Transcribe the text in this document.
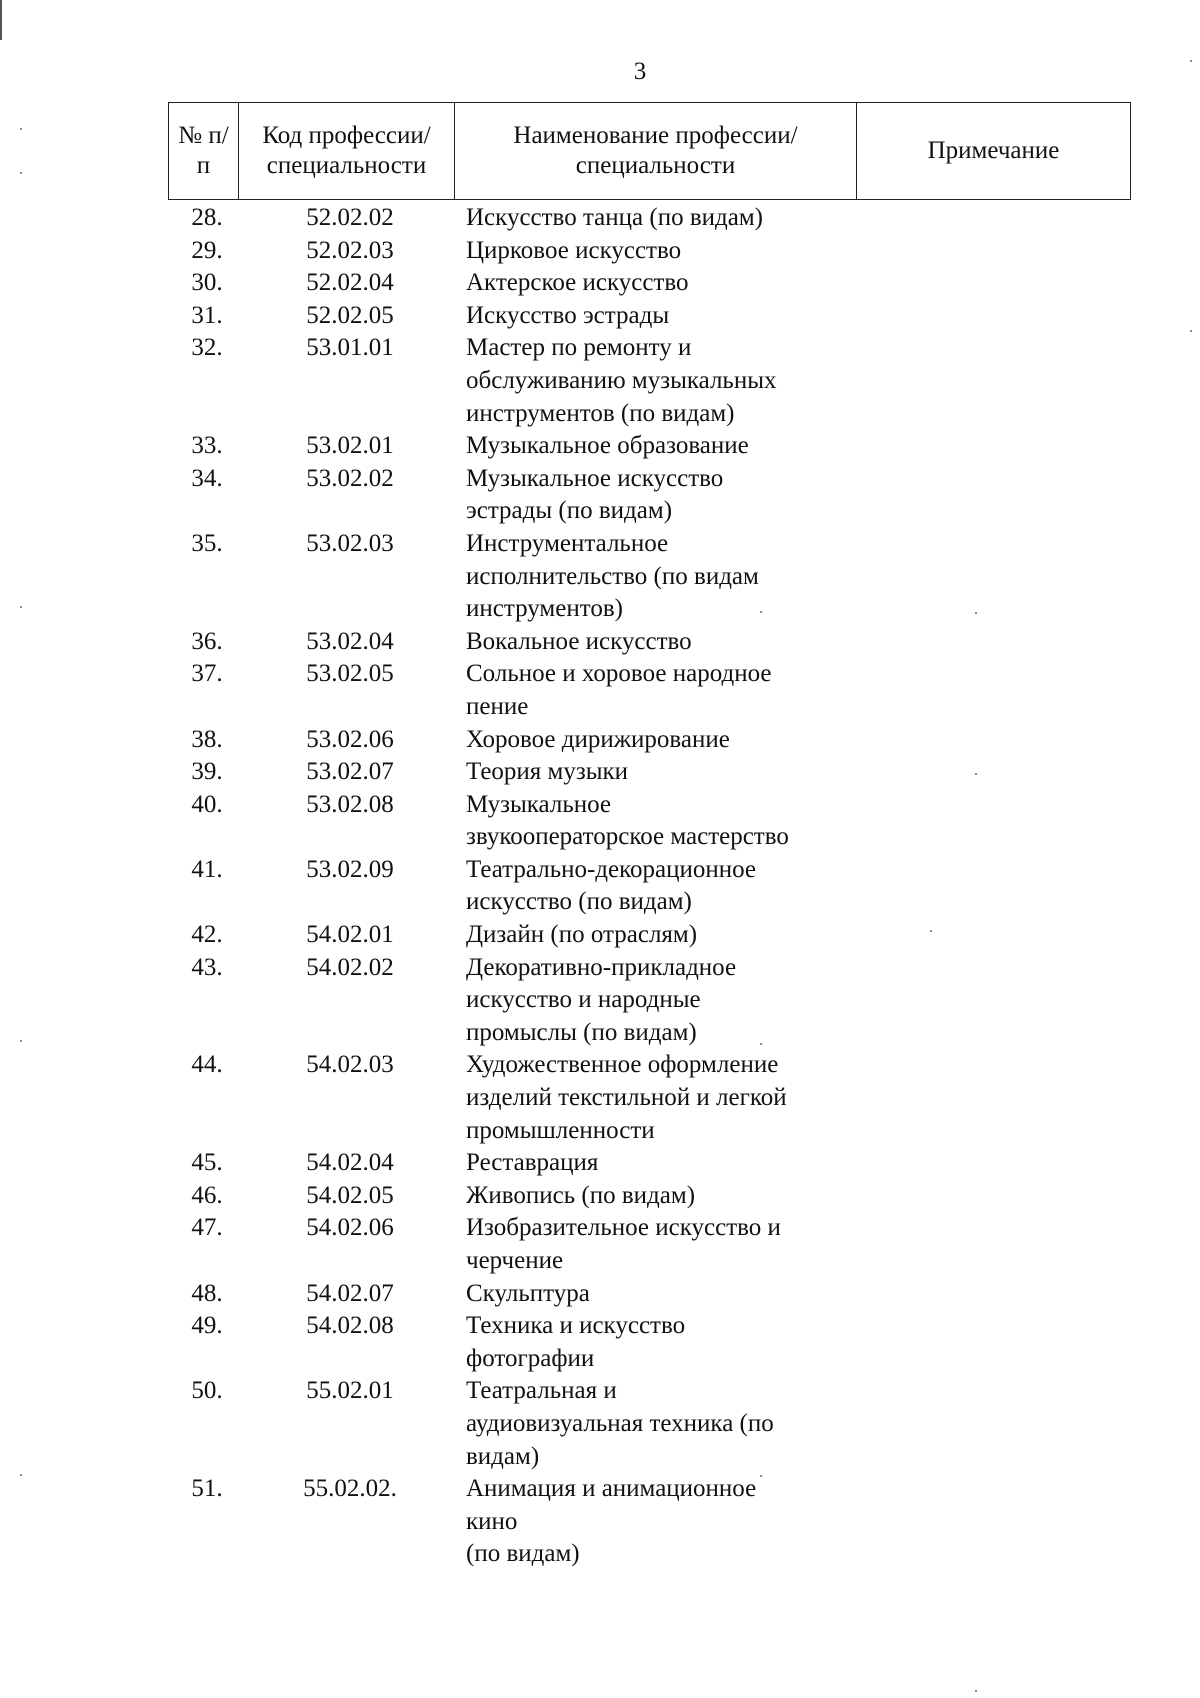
3
№ п/п	Код профессии/ специальности	Наименование профессии/специальности	Примечание
28.	52.02.02	Искусство танца (по видам)
29.	52.02.03	Цирковое искусство
30.	52.02.04	Актерское искусство
31.	52.02.05	Искусство эстрады
32.	53.01.01	Мастер по ремонту и
обслуживанию музыкальных
инструментов (по видам)
33.	53.02.01	Музыкальное образование
34.	53.02.02	Музыкальное искусство
эстрады (по видам)
35.	53.02.03	Инструментальное
исполнительство (по видам
инструментов)
36.	53.02.04	Вокальное искусство
37.	53.02.05	Сольное и хоровое народное
пение
38.	53.02.06	Хоровое дирижирование
39.	53.02.07	Теория музыки
40.	53.02.08	Музыкальное
звукооператорское мастерство
41.	53.02.09	Театрально-декорационное
искусство (по видам)
42.	54.02.01	Дизайн (по отраслям)
43.	54.02.02	Декоративно-прикладное
искусство и народные
промыслы (по видам)
44.	54.02.03	Художественное оформление
изделий текстильной и легкой
промышленности
45.	54.02.04	Реставрация
46.	54.02.05	Живопись (по видам)
47.	54.02.06	Изобразительное искусство и
черчение
48.	54.02.07	Скульптура
49.	54.02.08	Техника и искусство
фотографии
50.	55.02.01	Театральная и
аудиовизуальная техника (по
видам)
51.	55.02.02.	Анимация и анимационное
кино
(по видам)
